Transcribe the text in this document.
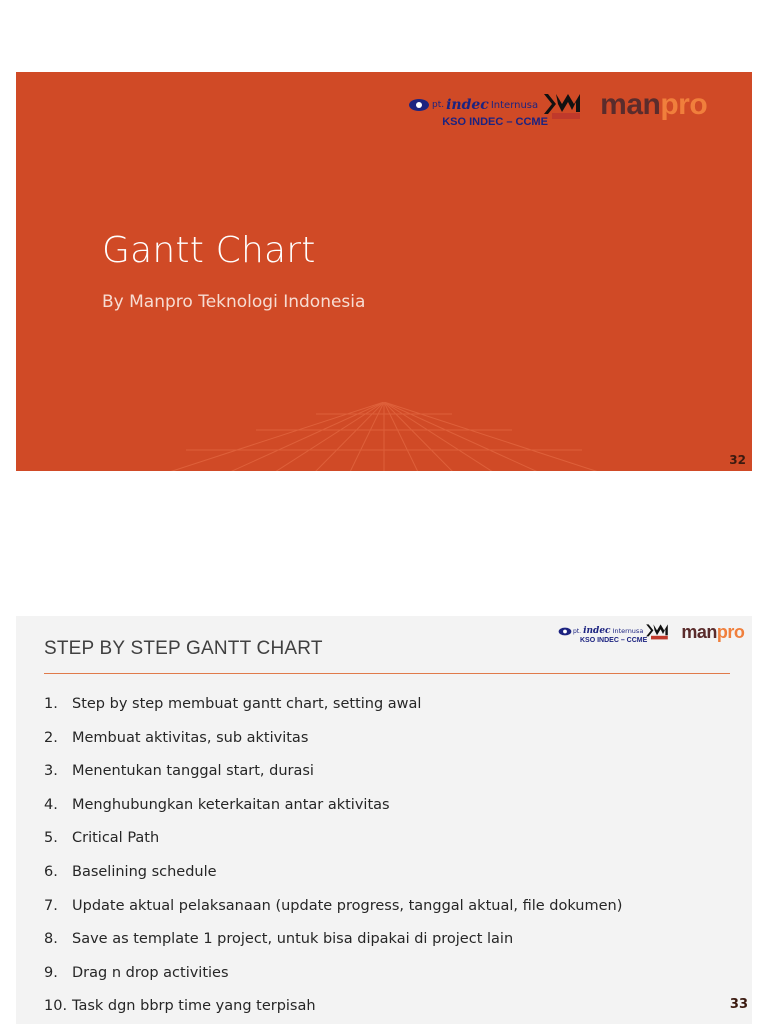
pt. indec Internusa
KSO INDEC – CCME
manpro
Gantt Chart
By Manpro Teknologi Indonesia
32
STEP BY STEP GANTT CHART
pt. indec Internusa
KSO INDEC – CCME manpro
1. Step by step membuat gantt chart, setting awal
2. Membuat aktivitas, sub aktivitas
3. Menentukan tanggal start, durasi
4. Menghubungkan keterkaitan antar aktivitas
5. Critical Path
6. Baselining schedule
7. Update aktual pelaksanaan (update progress, tanggal aktual, file dokumen)
8. Save as template 1 project, untuk bisa dipakai di project lain
9. Drag n drop activities
10. Task dgn bbrp time yang terpisah	33
